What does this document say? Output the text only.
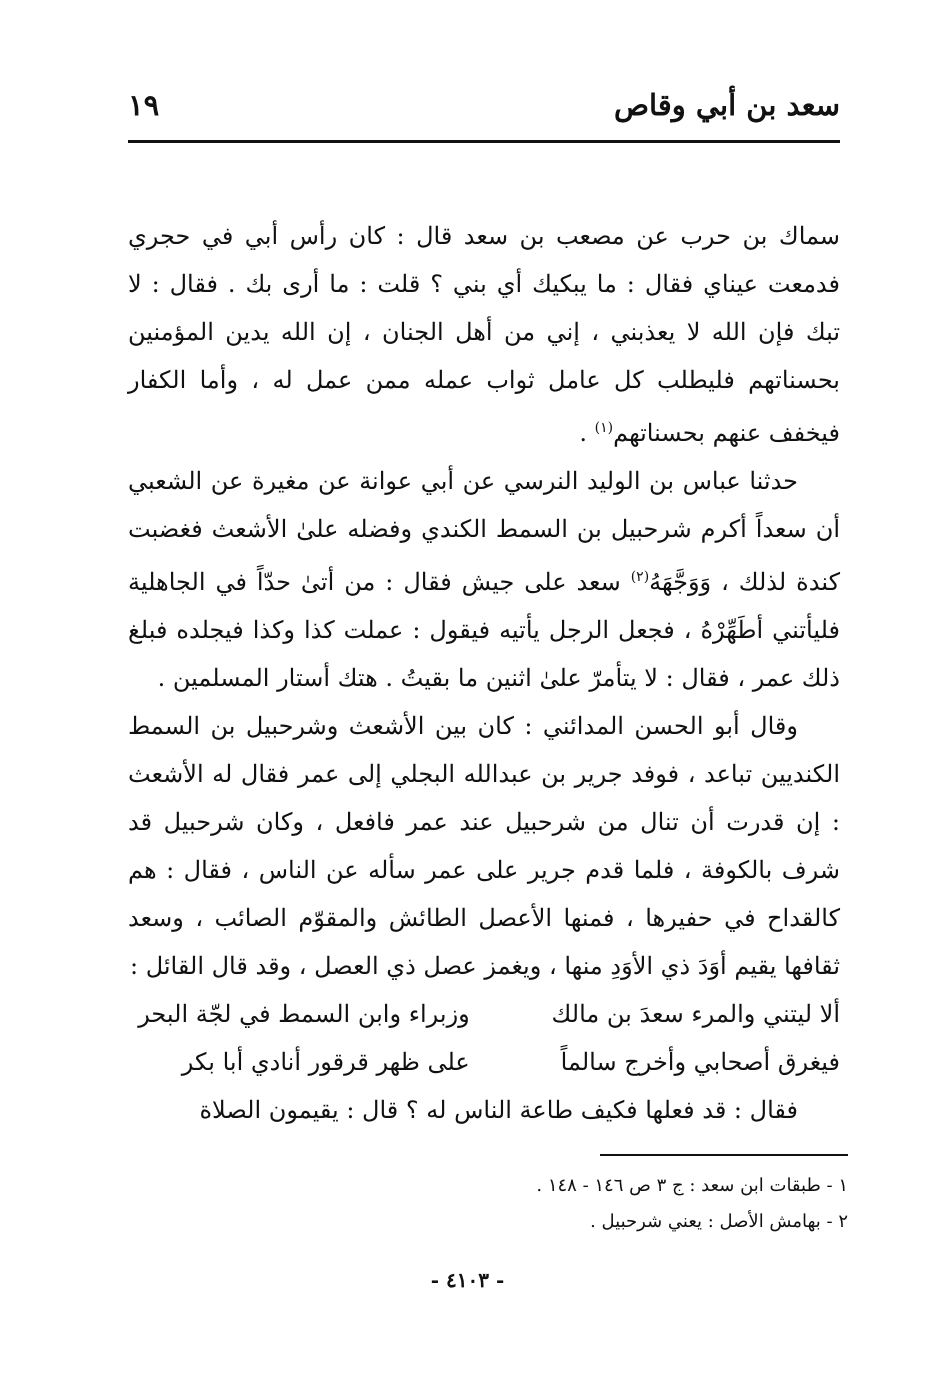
سعد بن أبي وقاص
١٩

سماك بن حرب عن مصعب بن سعد قال : كان رأس أبي في حجري فدمعت عيناي فقال : ما يبكيك أي بني ؟ قلت : ما أرى بك . فقال : لا تبك فإن الله لا يعذبني ، إني من أهل الجنان ، إن الله يدين المؤمنين بحسناتهم فليطلب كل عامل ثواب عمله ممن عمل له ، وأما الكفار فيخفف عنهم بحسناتهم$^{(١)}$ .

حدثنا عباس بن الوليد النرسي عن أبي عوانة عن مغيرة عن الشعبي أن سعداً أكرم شرحبيل بن السمط الكندي وفضله علىٰ الأشعث فغضبت كندة لذلك ، وَوَجَّهَهُ$^{(٢)}$ سعد على جيش فقال : من أتىٰ حدّاً في الجاهلية فليأتني أطَهِّرْهُ ، فجعل الرجل يأتيه فيقول : عملت كذا وكذا فيجلده فبلغ ذلك عمر ، فقال : لا يتأمرّ علىٰ اثنين ما بقيتُ . هتك أستار المسلمين .

وقال أبو الحسن المدائني : كان بين الأشعث وشرحبيل بن السمط الكنديين تباعد ، فوفد جرير بن عبدالله البجلي إلى عمر فقال له الأشعث : إن قدرت أن تنال من شرحبيل عند عمر فافعل ، وكان شرحبيل قد شرف بالكوفة ، فلما قدم جرير على عمر سأله عن الناس ، فقال : هم كالقداح في حفيرها ، فمنها الأعصل الطائش والمقوّم الصائب ، وسعد ثقافها يقيم أوَدَ ذي الأوَدِ منها ، ويغمز عصل ذي العصل ، وقد قال القائل :

ألا ليتني والمرء سعدَ بن مالك
وزبراء وابن السمط في لجّة البحر
فيغرق أصحابي وأخرج سالماً
على ظهر قرقور أنادي أبا بكر

فقال : قد فعلها فكيف طاعة الناس له ؟ قال : يقيمون الصلاة

١ - طبقات ابن سعد : ج ٣ ص ١٤٦ - ١٤٨ .

٢ - بهامش الأصل : يعني شرحبيل .

- ٤١٠٣ -
